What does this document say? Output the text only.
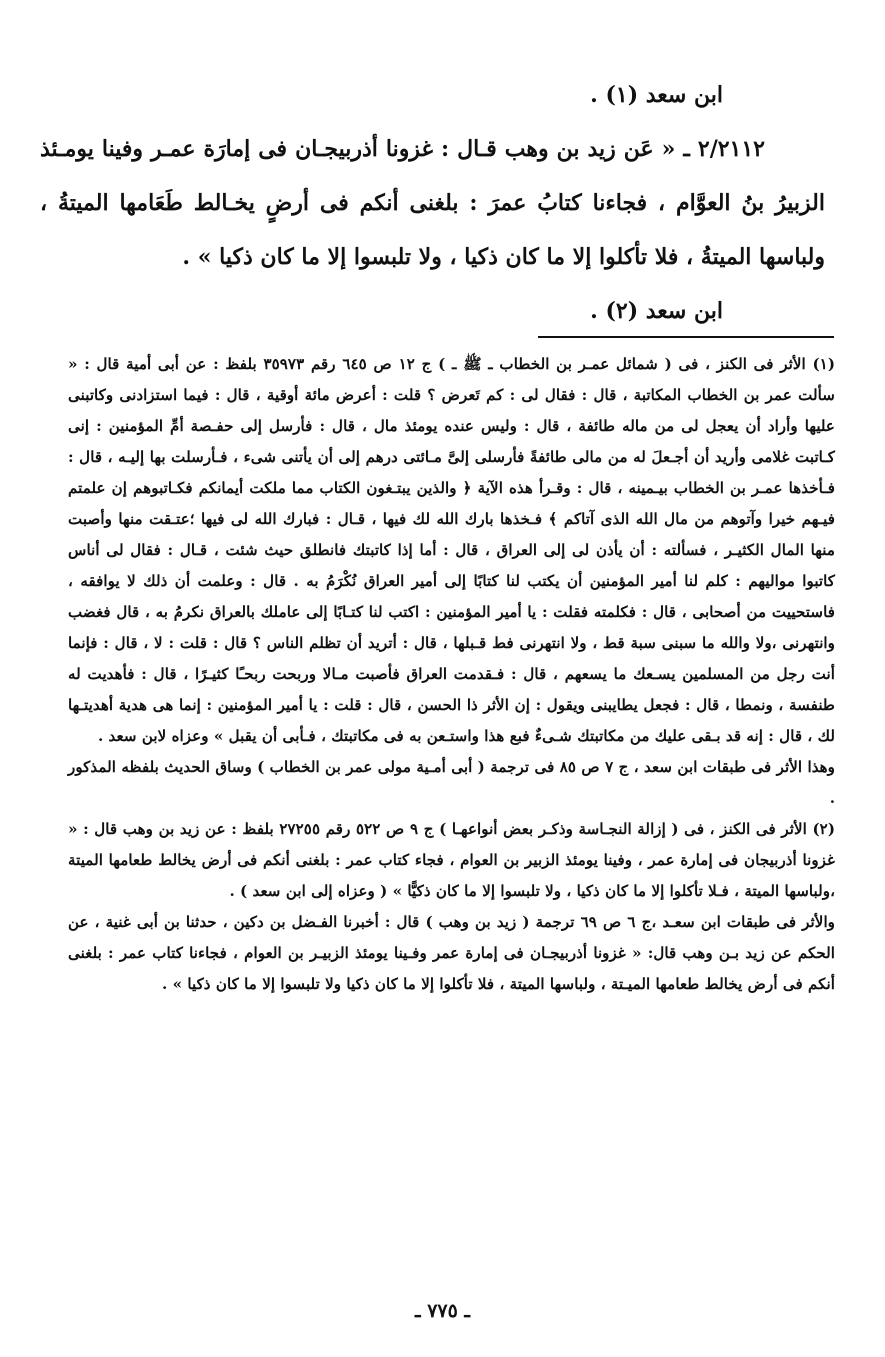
ابن سعد (١) .

٢/٢١١٢ ـ « عَن زيد بن وهب قـال : غزونا أذربيجـان فى إمارَة عمـر وفينا يومـئذ الزبيرُ بنُ العوَّام ، فجاءنا كتابُ عمرَ : بلغنى أنكم فى أرضٍ يخـالط طَعَامها الميتةُ ، ولباسها الميتةُ ، فلا تأكلوا إلا ما كان ذكيا ، ولا تلبسوا إلا ما كان ذكيا » .

ابن سعد (٢) .

(١) الأثر فى الكنز ، فى ( شمائل عمـر بن الخطاب ـ ﷺ ـ ) ج ١٢ ص ٦٤٥ رقم ٣٥٩٧٣ بلفظ : عن أبى أمية قال : « سألت عمر بن الخطاب المكاتبة ، قال : فقال لى : كم تَعرض ؟ قلت : أعرض مائة أوقية ، قال : فيما استزادنى وكاتبنى عليها وأراد أن يعجل لى من ماله طائفة ، قال : وليس عنده يومئذ مال ، قال : فأرسل إلى حفـصة أمِّ المؤمنين : إنى كـاتبت غلامى وأريد أن أجـعلَ له من مالى طائفةً فأرسلى إلىَّ مـائتى درهم إلى أن يأتنى شىء ، فـأرسلت بها إليـه ، قال : فـأخذها عمـر بن الخطاب بيـمينه ، قال : وقـرأ هذه الآية ﴿ والذين يبتـغون الكتاب مما ملكت أيمانكم فكـاتبوهم إن علمتم فيـهم خيرا وآتوهم من مال الله الذى آتاكم ﴾ فـخذها بارك الله لك فيها ، قـال : فبارك الله لى فيها ؛عتـقت منها وأصبت منها المال الكثيـر ، فسألته : أن يأذن لى إلى العراق ، قال : أما إذا كاتبتك فانطلق حيث شئت ، قـال : فقال لى أناس كاتبوا مواليهم : كلم لنا أمير المؤمنين أن يكتب لنا كتابًا إلى أمير العراق نُكْرَمُ به . قال : وعلمت أن ذلك لا يوافقه ، فاستحييت من أصحابى ، قال : فكلمته فقلت : يا أمير المؤمنين : اكتب لنا كتـابًا إلى عاملك بالعراق نكرمُ به ، قال فغضب وانتهرنى ،ولا والله ما سبنى سبة قط ، ولا انتهرنى فط قـبلها ، قال : أتريد أن تظلم الناس ؟ قال : قلت : لا ، قال : فإنما أنت رجل من المسلمين يسـعك ما يسعهم ، قال : فـقدمت العراق فأصبت مـالا وربحت ربحـًا كثيـرًا ، قال : فأهديت له طنفسة ، ونمطا ، قال : فجعل يطايبنى ويقول : إن الأثر ذا الحسن ، قال : قلت : يا أمير المؤمنين : إنما هى هدية أهديتـها لك ، قال : إنه قد بـقى عليك من مكاتبتك شـىءٌ فبع هذا واستـعن به فى مكاتبتك ، فـأبى أن يقبل » وعزاه لابن سعد .

وهذا الأثر فى طبقات ابن سعد ، ج ٧ ص ٨٥ فى ترجمة ( أبى أمـية مولى عمر بن الخطاب ) وساق الحديث بلفظه المذكور .

(٢) الأثر فى الكنز ، فى ( إزالة النجـاسة وذكـر بعض أنواعهـا ) ج ٩ ص ٥٢٢ رقم ٢٧٢٥٥ بلفظ : عن زيد بن وهب قال : « غزونا أذربيجان فى إمارة عمر ، وفينا يومئذ الزبير بن العوام ، فجاء كتاب عمر : بلغنى أنكم فى أرض يخالط طعامها الميتة ،ولباسها الميتة ، فـلا تأكلوا إلا ما كان ذكيا ، ولا تلبسوا إلا ما كان ذكيًّا » ( وعزاه إلى ابن سعد ) .

والأثر فى طبقات ابن سعـد ،ج ٦ ص ٦٩ ترجمة ( زيد بن وهب ) قال : أخبرنا الفـضل بن دكين ، حدثنا بن أبى غنية ، عن الحكم عن زيد بـن وهب قال: « غزونا أذربيجـان فى إمارة عمر وفـينا يومئذ الزبيـر بن العوام ، فجاءنا كتاب عمر : بلغنى أنكم فى أرض يخالط طعامها الميـتة ، ولباسها الميتة ، فلا تأكلوا إلا ما كان ذكيا ولا تلبسوا إلا ما كان ذكيا » .

ـ ٧٧٥ ـ
